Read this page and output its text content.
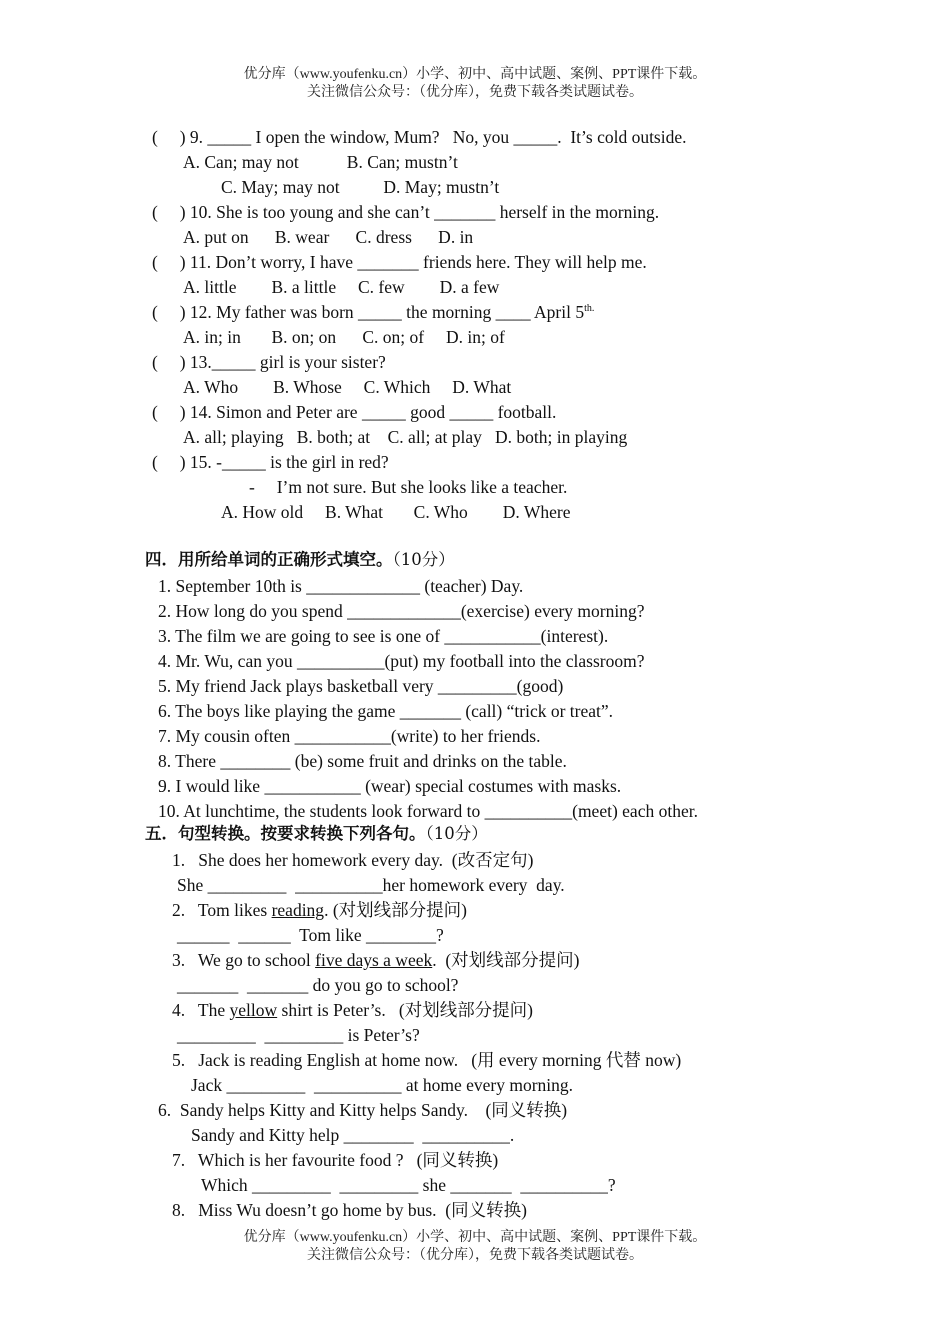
优分库（www.youfenku.cn）小学、初中、高中试题、案例、PPT课件下载。
关注微信公众号：（优分库），免费下载各类试题试卷。
(     ) 9. _____ I open the window, Mum?   No, you _____.  It’s cold outside.
A. Can; may not           B. Can; mustn’t
C. May; may not          D. May; mustn’t
(     ) 10. She is too young and she can’t _______ herself in the morning.
A. put on      B. wear      C. dress      D. in
(     ) 11. Don’t worry, I have _______ friends here. They will help me.
A. little        B. a little     C. few        D. a few
(     ) 12. My father was born _____ the morning ____ April $5^{th.}$
A. in; in       B. on; on      C. on; of     D. in; of
(     ) 13._____ girl is your sister?
A. Who        B. Whose     C. Which     D. What
(     ) 14. Simon and Peter are _____ good _____ football.
A. all; playing   B. both; at    C. all; at play   D. both; in playing
(     ) 15. -_____ is the girl in red?
-     I’m not sure. But she looks like a teacher.
A. How old     B. What       C. Who        D. Where
四．用所给单词的正确形式填空。（10分）
1. September 10th is _____________ (teacher) Day.
2. How long do you spend _____________(exercise) every morning?
3. The film we are going to see is one of ___________(interest).
4. Mr. Wu, can you __________(put) my football into the classroom?
5. My friend Jack plays basketball very _________(good)
6. The boys like playing the game _______ (call) “trick or treat”.
7. My cousin often ___________(write) to her friends.
8. There ________ (be) some fruit and drinks on the table.
9. I would like ___________ (wear) special costumes with masks.
10. At lunchtime, the students look forward to __________(meet) each other.
五．句型转换。按要求转换下列各句。（10分）
1.   She does her homework every day.  (改否定句)
She _________  __________her homework every  day.
2.   Tom likes reading. (对划线部分提问)
______  ______  Tom like ________?
3.   We go to school five days a week.  (对划线部分提问)
_______  _______ do you go to school?
4.   The yellow shirt is Peter’s.   (对划线部分提问)
_________  _________ is Peter’s?
5.   Jack is reading English at home now.   (用 every morning 代替 now)
Jack _________  __________ at home every morning.
6.  Sandy helps Kitty and Kitty helps Sandy.    (同义转换)
Sandy and Kitty help ________  __________.
7.   Which is her favourite food ?   (同义转换)
Which _________  _________ she _______  __________?
8.   Miss Wu doesn’t go home by bus.  (同义转换)
优分库（www.youfenku.cn）小学、初中、高中试题、案例、PPT课件下载。
关注微信公众号：（优分库），免费下载各类试题试卷。
